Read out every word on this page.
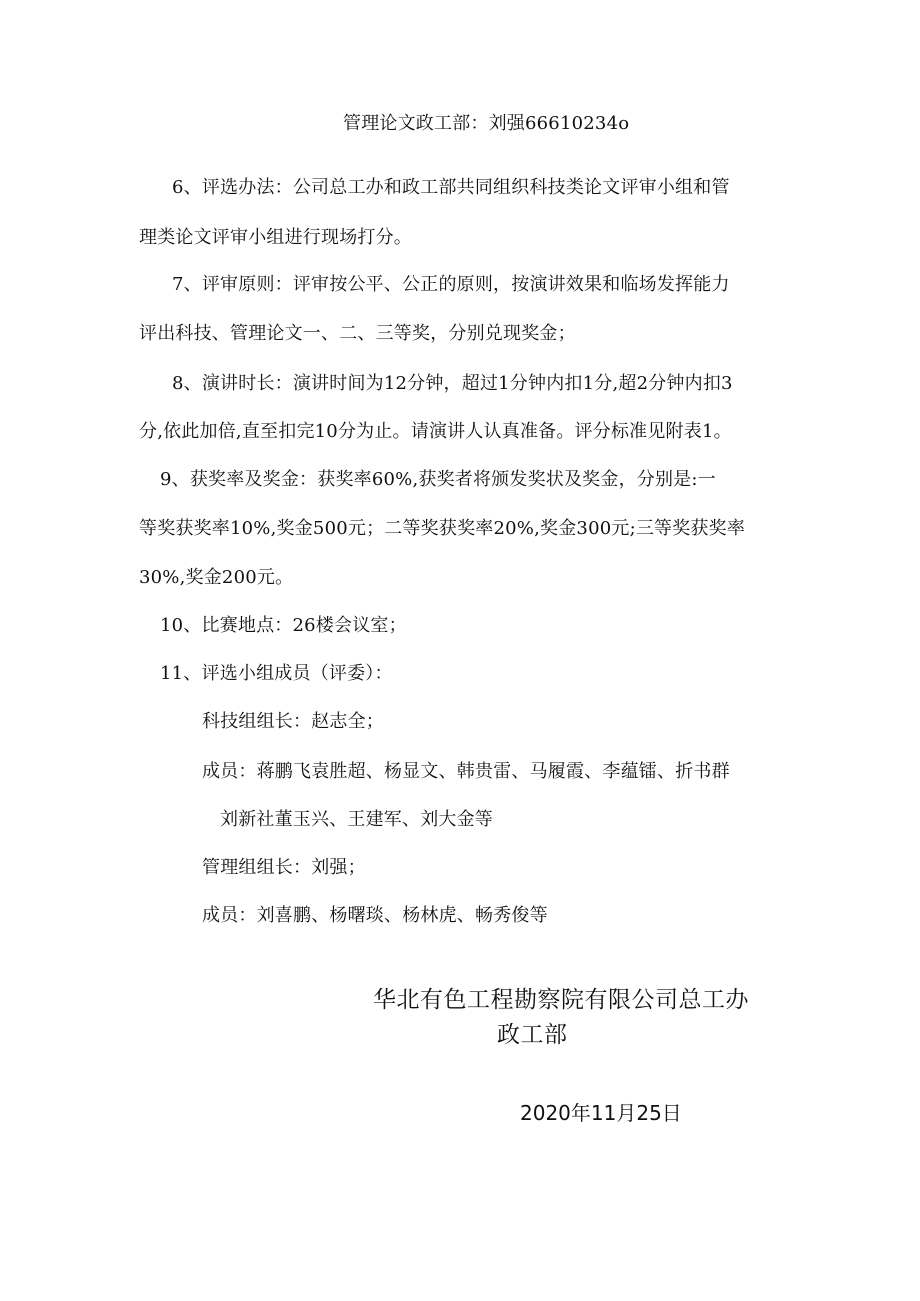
管理论文政工部：刘强66610234o
6、评选办法：公司总工办和政工部共同组织科技类论文评审小组和管
理类论文评审小组进行现场打分。
7、评审原则：评审按公平、公正的原则，按演讲效果和临场发挥能力
评出科技、管理论文一、二、三等奖，分别兑现奖金；
8、演讲时长：演讲时间为12分钟，超过1分钟内扣1分,超2分钟内扣3
分,依此加倍,直至扣完10分为止。请演讲人认真准备。评分标准见附表1。
9、获奖率及奖金：获奖率60%,获奖者将颁发奖状及奖金，分别是:一
等奖获奖率10%,奖金500元；二等奖获奖率20%,奖金300元;三等奖获奖率
30%,奖金200元。
10、比赛地点：26楼会议室；
11、评选小组成员（评委）：
科技组组长：赵志全；
成员：蒋鹏飞袁胜超、杨显文、韩贵雷、马履霞、李蕴镭、折书群
刘新社董玉兴、王建军、刘大金等
管理组组长：刘强；
成员：刘喜鹏、杨曙琰、杨林虎、畅秀俊等
华北有色工程勘察院有限公司总工办
政工部
2020年11月25日
